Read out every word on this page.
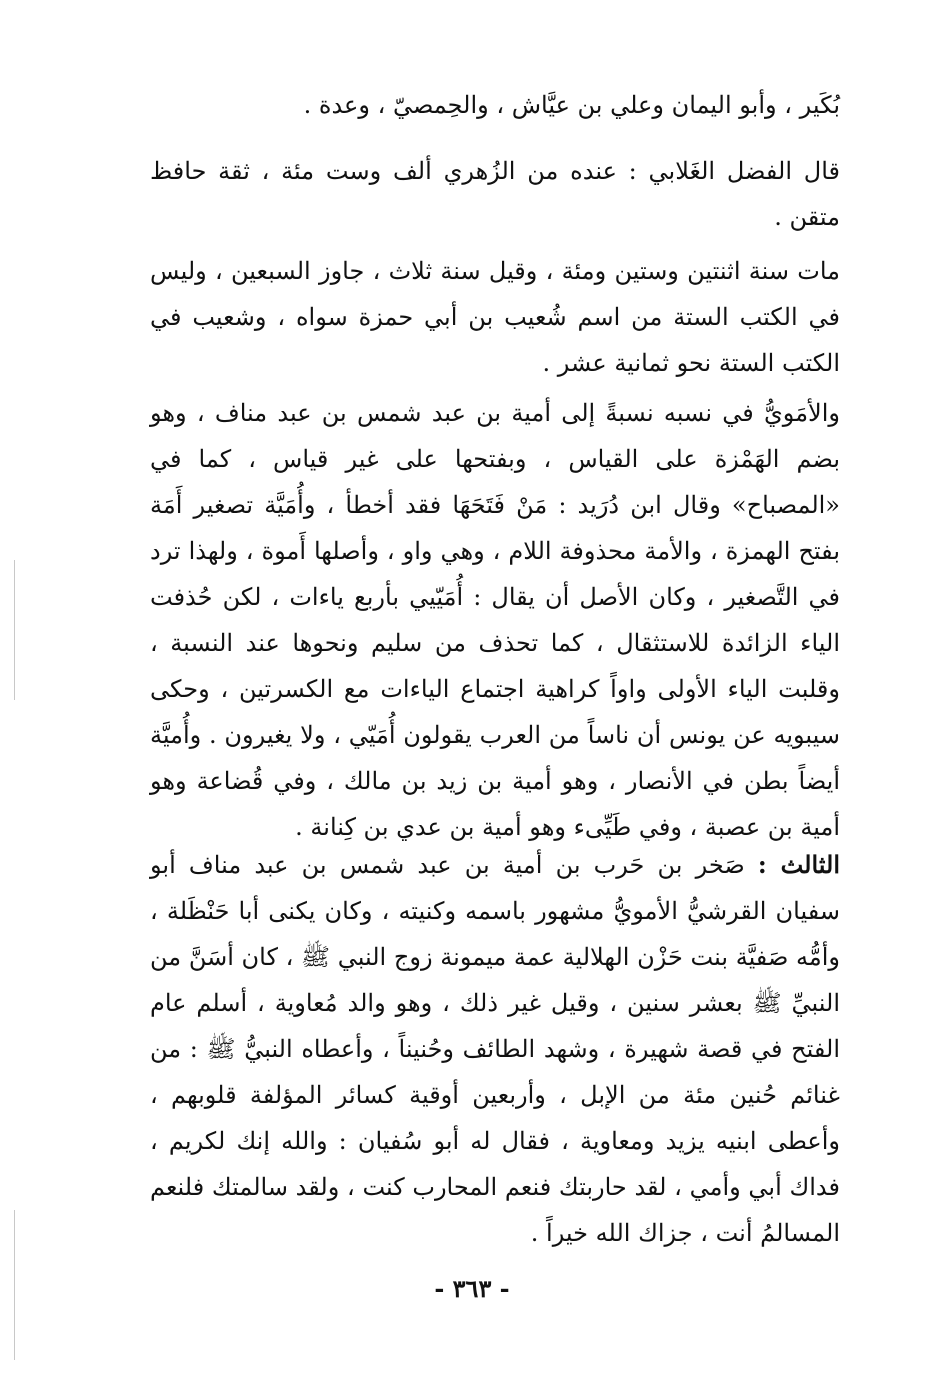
بُكَير ، وأبو اليمان وعلي بن عيَّاش ، والحِمصيّ ، وعدة .

قال الفضل الغَلابي : عنده من الزُهري ألف وست مئة ، ثقة حافظ متقن .

مات سنة اثنتين وستين ومئة ، وقيل سنة ثلاث ، جاوز السبعين ، وليس في الكتب الستة من اسم شُعيب بن أبي حمزة سواه ، وشعيب في الكتب الستة نحو ثمانية عشر .

والأمَويُّ في نسبه نسبةً إلى أمية بن عبد شمس بن عبد مناف ، وهو بضم الهَمْزة على القياس ، وبفتحها على غير قياس ، كما في «المصباح» وقال ابن دُرَيد : مَنْ فَتَحَهَا فقد أخطأ ، وأُمَيَّة تصغير أَمَة بفتح الهمزة ، والأمة محذوفة اللام ، وهي واو ، وأصلها أَموة ، ولهذا ترد في التَّصغير ، وكان الأصل أن يقال : أُمَيّيي بأربع ياءات ، لكن حُذفت الياء الزائدة للاستثقال ، كما تحذف من سليم ونحوها عند النسبة ، وقلبت الياء الأولى واواً كراهية اجتماع الياءات مع الكسرتين ، وحكى سيبويه عن يونس أن ناساً من العرب يقولون أُمَيّي ، ولا يغيرون . وأُميَّة أيضاً بطن في الأنصار ، وهو أمية بن زيد بن مالك ، وفي قُضاعة وهو أمية بن عصبة ، وفي طَيِّىء وهو أمية بن عدي بن كِنانة .

الثالث : صَخر بن حَرب بن أمية بن عبد شمس بن عبد مناف أبو سفيان القرشيُّ الأمويُّ مشهور باسمه وكنيته ، وكان يكنى أبا حَنْظَلة ، وأمُّه صَفيَّة بنت حَزْن الهلالية عمة ميمونة زوج النبي ﷺ ، كان أسَنَّ من النبيِّ ﷺ بعشر سنين ، وقيل غير ذلك ، وهو والد مُعاوية ، أسلم عام الفتح في قصة شهيرة ، وشهد الطائف وحُنيناً ، وأعطاه النبيُّ ﷺ : من غنائم حُنين مئة من الإبل ، وأربعين أوقية كسائر المؤلفة قلوبهم ، وأعطى ابنيه يزيد ومعاوية ، فقال له أبو سُفيان : والله إنك لكريم ، فداك أبي وأمي ، لقد حاربتك فنعم المحارب كنت ، ولقد سالمتك فلنعم المسالمُ أنت ، جزاك الله خيراً .

- ٣٦٣ -
